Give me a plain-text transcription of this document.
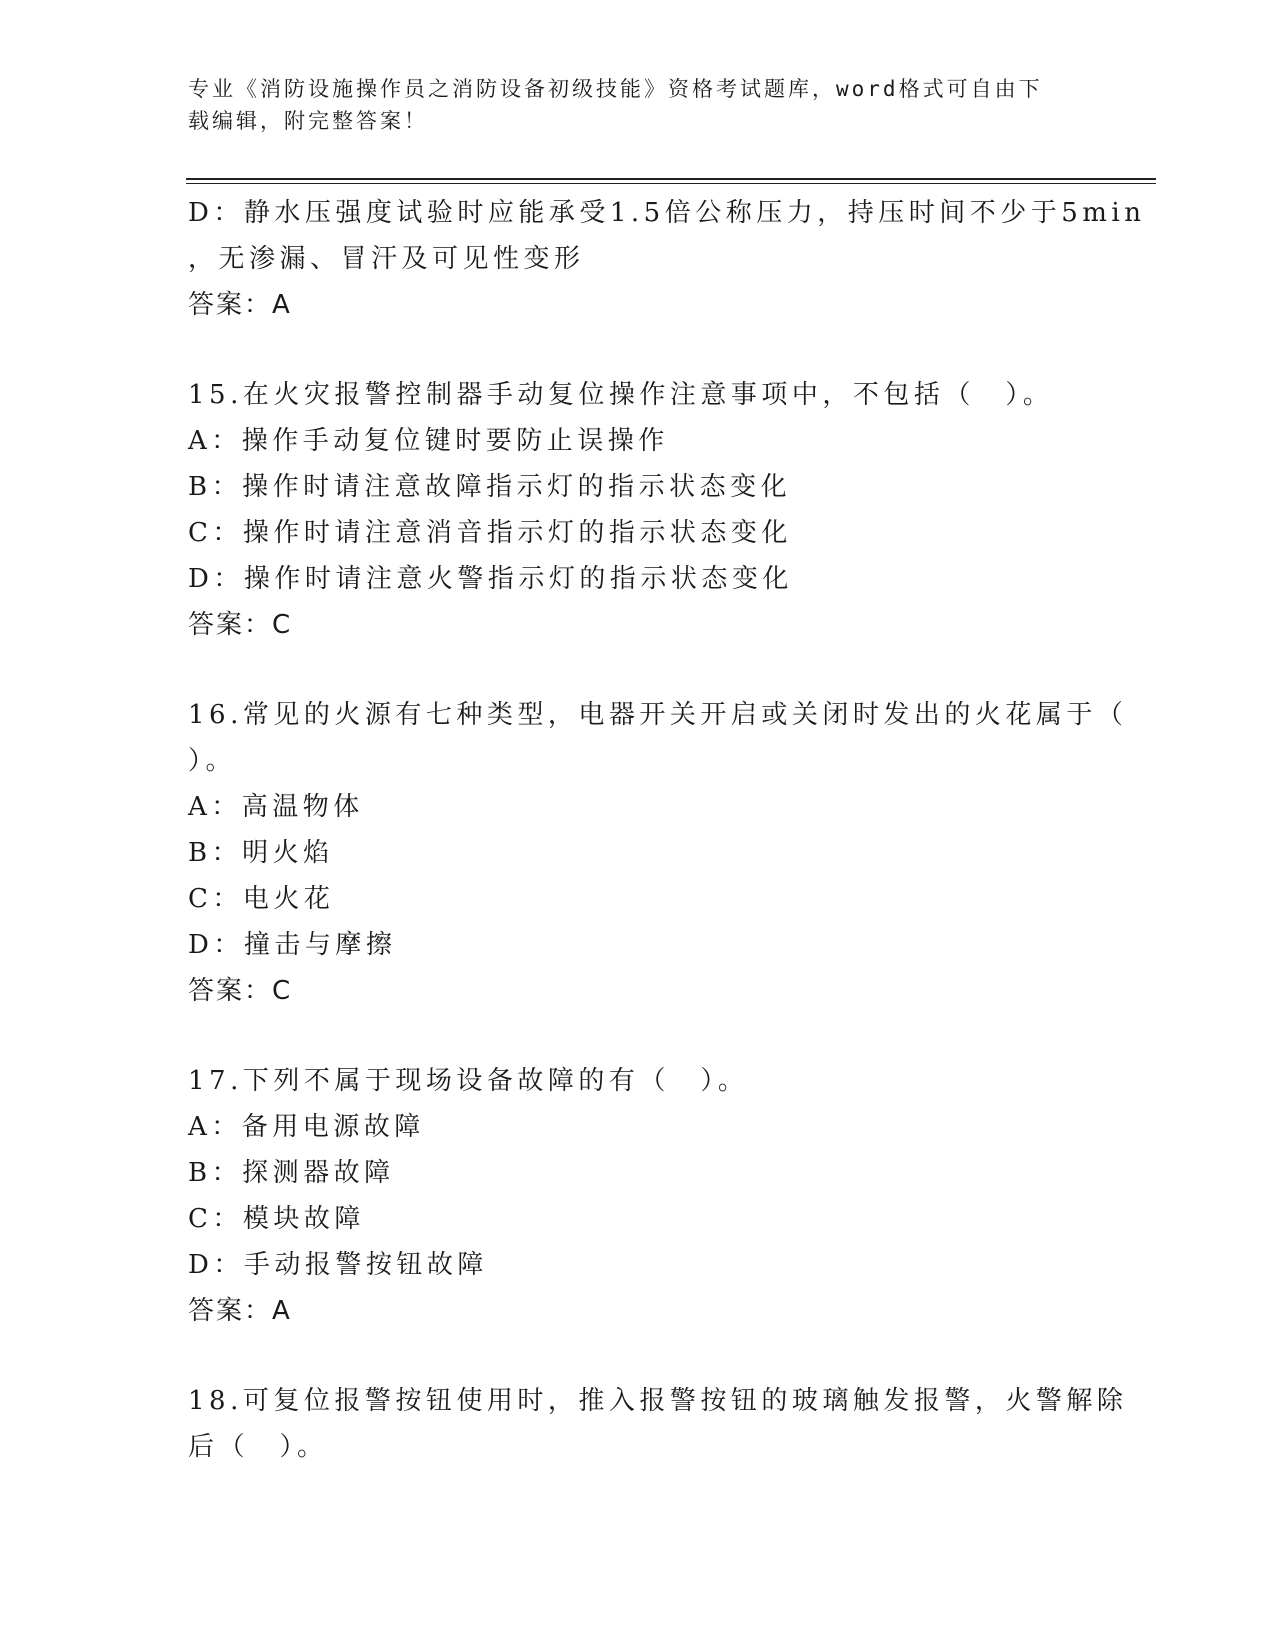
专业《消防设施操作员之消防设备初级技能》资格考试题库，word格式可自由下
载编辑，附完整答案！
D：静水压强度试验时应能承受1.5倍公称压力，持压时间不少于5min
，无渗漏、冒汗及可见性变形
答案：A
15.在火灾报警控制器手动复位操作注意事项中，不包括（　）。
A：操作手动复位键时要防止误操作
B：操作时请注意故障指示灯的指示状态变化
C：操作时请注意消音指示灯的指示状态变化
D：操作时请注意火警指示灯的指示状态变化
答案：C
16.常见的火源有七种类型，电器开关开启或关闭时发出的火花属于（
）。
A：高温物体
B：明火焰
C：电火花
D：撞击与摩擦
答案：C
17.下列不属于现场设备故障的有（　）。
A：备用电源故障
B：探测器故障
C：模块故障
D：手动报警按钮故障
答案：A
18.可复位报警按钮使用时，推入报警按钮的玻璃触发报警，火警解除
后（　）。
